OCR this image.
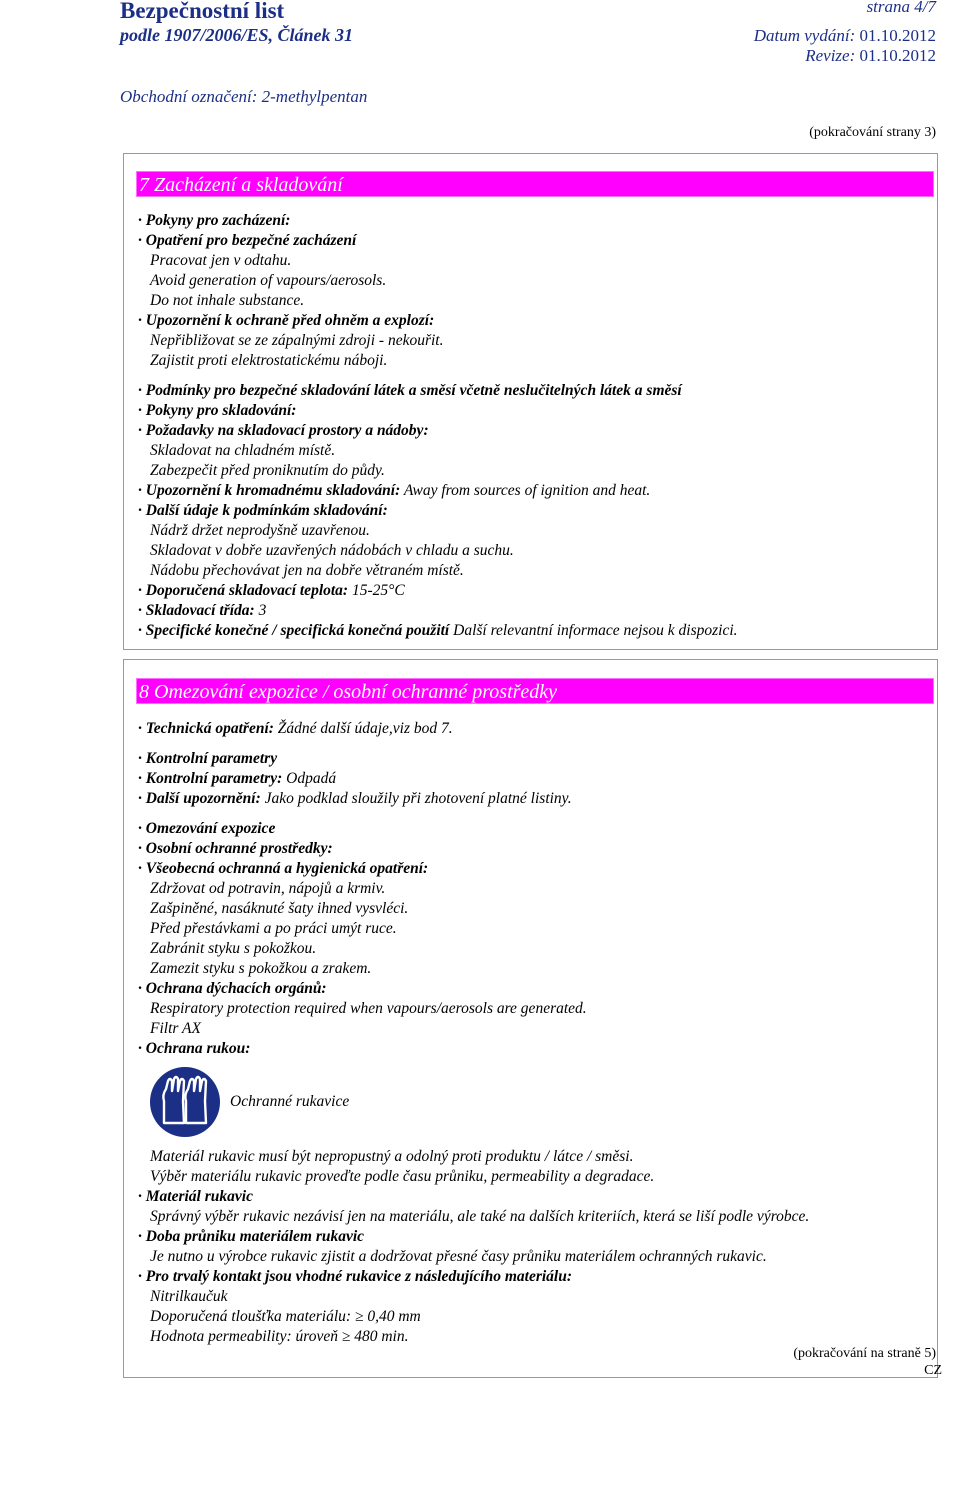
Bezpečnostní list
podle 1907/2006/ES, Článek 31
strana 4/7
Datum vydání: 01.10.2012
Revize: 01.10.2012
Obchodní označení: 2-methylpentan
(pokračování strany 3)
7 Zacházení a skladování
· Pokyny pro zacházení:
· Opatření pro bezpečné zacházení
Pracovat jen v odtahu.
Avoid generation of vapours/aerosols.
Do not inhale substance.
· Upozornění k ochraně před ohněm a explozí:
Nepřibližovat se ze zápalnými zdroji - nekouřit.
Zajistit proti elektrostatickému náboji.
· Podmínky pro bezpečné skladování látek a směsí včetně neslučitelných látek a směsí
· Pokyny pro skladování:
· Požadavky na skladovací prostory a nádoby:
Skladovat na chladném místě.
Zabezpečit před proniknutím do půdy.
· Upozornění k hromadnému skladování: Away from sources of ignition and heat.
· Další údaje k podmínkám skladování:
Nádrž držet neprodyšně uzavřenou.
Skladovat v dobře uzavřených nádobách v chladu a suchu.
Nádobu přechovávat jen na dobře větraném místě.
· Doporučená skladovací teplota: 15-25°C
· Skladovací třída: 3
· Specifické konečné / specifická konečná použití Další relevantní informace nejsou k dispozici.
8 Omezování expozice / osobní ochranné prostředky
· Technická opatření: Žádné další údaje,viz bod 7.
· Kontrolní parametry
· Kontrolní parametry: Odpadá
· Další upozornění: Jako podklad sloužily při zhotovení platné listiny.
· Omezování expozice
· Osobní ochranné prostředky:
· Všeobecná ochranná a hygienická opatření:
Zdržovat od potravin, nápojů a krmiv.
Zašpiněné, nasáknuté šaty ihned vysvléci.
Před přestávkami a po práci umýt ruce.
Zabránit styku s pokožkou.
Zamezit styku s pokožkou a zrakem.
· Ochrana dýchacích orgánů:
Respiratory protection required when vapours/aerosols are generated.
Filtr AX
· Ochrana rukou:
Materiál rukavic musí být nepropustný a odolný proti produktu / látce / směsi.
Výběr materiálu rukavic proveďte podle času průniku, permeability a degradace.
· Materiál rukavic
Správný výběr rukavic nezávisí jen na materiálu, ale také na dalších kriteriích, která se liší podle výrobce.
· Doba průniku materiálem rukavic
Je nutno u výrobce rukavic zjistit a dodržovat přesné časy průniku materiálem ochranných rukavic.
· Pro trvalý kontakt jsou vhodné rukavice z následujícího materiálu:
Nitrilkaučuk
Doporučená tloušťka materiálu: ≥ 0,40 mm
Hodnota permeability: úroveň ≥ 480 min.
Ochranné rukavice
(pokračování na straně 5)
CZ
